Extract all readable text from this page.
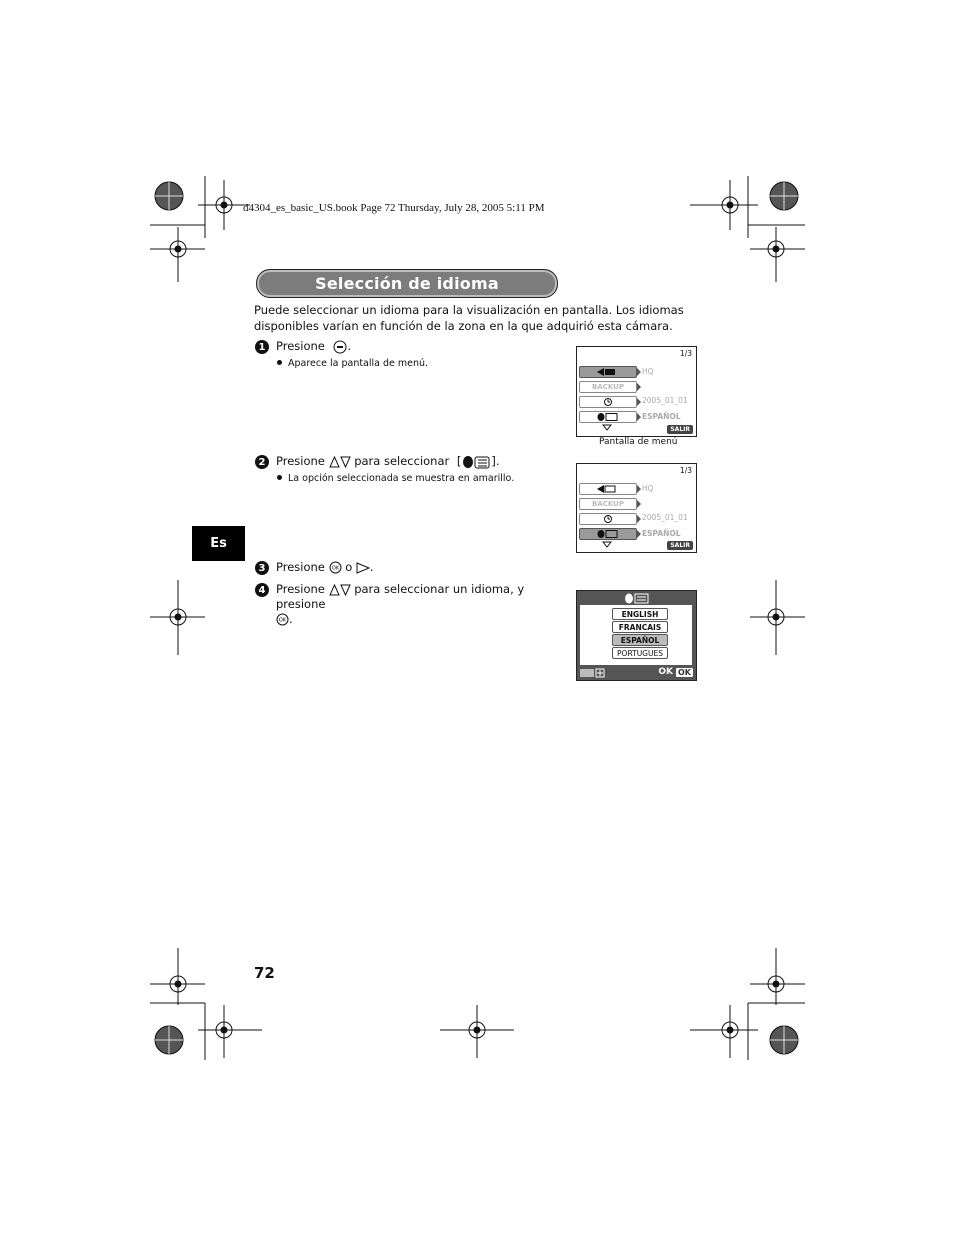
d4304_es_basic_US.book Page 72 Thursday, July 28, 2005 5:11 PM
Selección de idioma
Puede seleccionar un idioma para la visualización en pantalla. Los idiomas disponibles varían en función de la zona en la que adquirió esta cámara.
1 Presione .
Aparece la pantalla de menú.
2 Presione	para seleccionar [	].
La opción seleccionada se muestra en amarillo.
3 Presione OK o .
4 Presione	para seleccionar un idioma, y presione

OK .
1/3
HQ
BACKUP
2005_01_01
ESPAÑOL
SALIR
Pantalla de menú
1/3
HQ
BACKUP
2005_01_01
ESPAÑOL
SALIR
ENGLISH
FRANCAIS
ESPAÑOL
PORTUGUES
OK OK
Es
72
